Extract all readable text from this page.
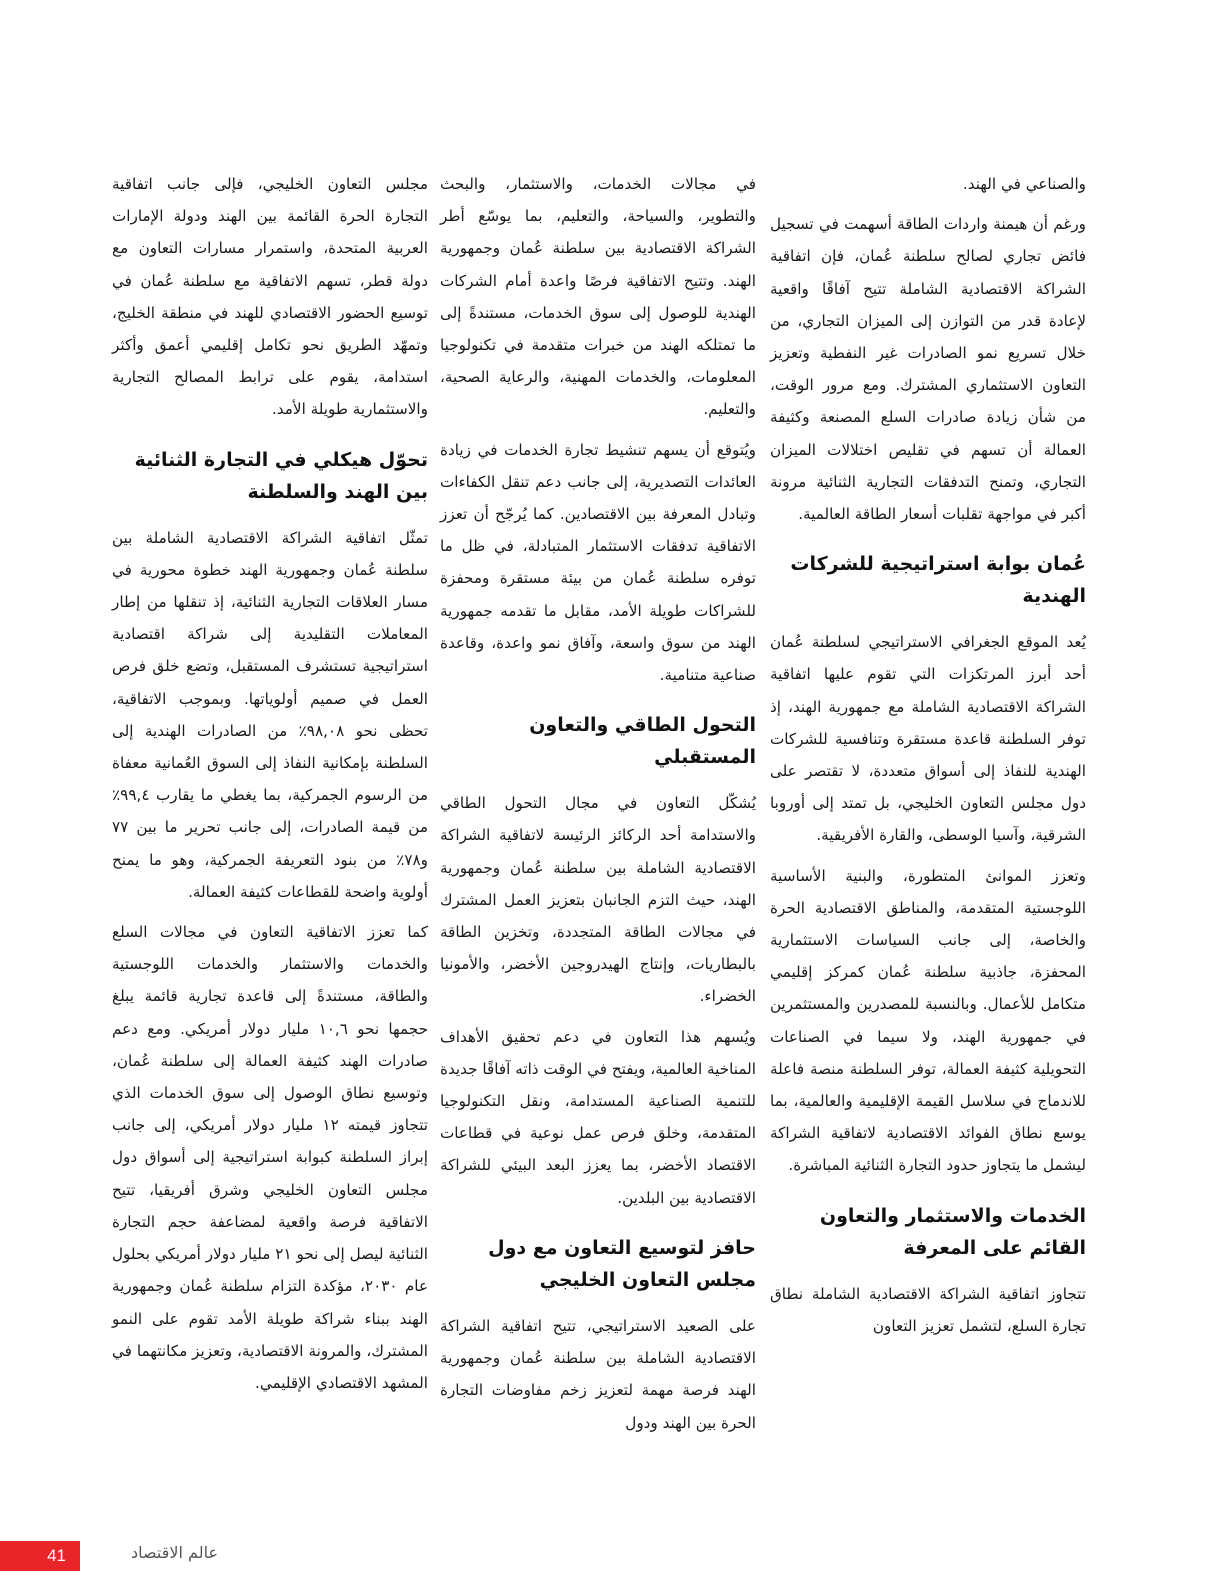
والصناعي في الهند.

ورغم أن هيمنة واردات الطاقة أسهمت في تسجيل فائض تجاري لصالح سلطنة عُمان، فإن اتفاقية الشراكة الاقتصادية الشاملة تتيح آفاقًا واقعية لإعادة قدر من التوازن إلى الميزان التجاري، من خلال تسريع نمو الصادرات غير النفطية وتعزيز التعاون الاستثماري المشترك. ومع مرور الوقت، من شأن زيادة صادرات السلع المصنعة وكثيفة العمالة أن تسهم في تقليص اختلالات الميزان التجاري، وتمنح التدفقات التجارية الثنائية مرونة أكبر في مواجهة تقلبات أسعار الطاقة العالمية.

عُمان بوابة استراتيجية للشركات الهندية

يُعد الموقع الجغرافي الاستراتيجي لسلطنة عُمان أحد أبرز المرتكزات التي تقوم عليها اتفاقية الشراكة الاقتصادية الشاملة مع جمهورية الهند، إذ توفر السلطنة قاعدة مستقرة وتنافسية للشركات الهندية للنفاذ إلى أسواق متعددة، لا تقتصر على دول مجلس التعاون الخليجي، بل تمتد إلى أوروبا الشرقية، وآسيا الوسطى، والقارة الأفريقية.

وتعزز الموانئ المتطورة، والبنية الأساسية اللوجستية المتقدمة، والمناطق الاقتصادية الحرة والخاصة، إلى جانب السياسات الاستثمارية المحفزة، جاذبية سلطنة عُمان كمركز إقليمي متكامل للأعمال. وبالنسبة للمصدرين والمستثمرين في جمهورية الهند، ولا سيما في الصناعات التحويلية كثيفة العمالة، توفر السلطنة منصة فاعلة للاندماج في سلاسل القيمة الإقليمية والعالمية، بما يوسع نطاق الفوائد الاقتصادية لاتفاقية الشراكة ليشمل ما يتجاوز حدود التجارة الثنائية المباشرة.

الخدمات والاستثمار والتعاون القائم على المعرفة

تتجاوز اتفاقية الشراكة الاقتصادية الشاملة نطاق تجارة السلع، لتشمل تعزيز التعاون

في مجالات الخدمات، والاستثمار، والبحث والتطوير، والسياحة، والتعليم، بما يوسّع أطر الشراكة الاقتصادية بين سلطنة عُمان وجمهورية الهند. وتتيح الاتفاقية فرصًا واعدة أمام الشركات الهندية للوصول إلى سوق الخدمات، مستندةً إلى ما تمتلكه الهند من خبرات متقدمة في تكنولوجيا المعلومات، والخدمات المهنية، والرعاية الصحية، والتعليم.

ويُتوقع أن يسهم تنشيط تجارة الخدمات في زيادة العائدات التصديرية، إلى جانب دعم تنقل الكفاءات وتبادل المعرفة بين الاقتصادين. كما يُرجّح أن تعزز الاتفاقية تدفقات الاستثمار المتبادلة، في ظل ما توفره سلطنة عُمان من بيئة مستقرة ومحفزة للشراكات طويلة الأمد، مقابل ما تقدمه جمهورية الهند من سوق واسعة، وآفاق نمو واعدة، وقاعدة صناعية متنامية.

التحول الطاقي والتعاون المستقبلي

يُشكّل التعاون في مجال التحول الطاقي والاستدامة أحد الركائز الرئيسة لاتفاقية الشراكة الاقتصادية الشاملة بين سلطنة عُمان وجمهورية الهند، حيث التزم الجانبان بتعزيز العمل المشترك في مجالات الطاقة المتجددة، وتخزين الطاقة بالبطاريات، وإنتاج الهيدروجين الأخضر، والأمونيا الخضراء.

ويُسهم هذا التعاون في دعم تحقيق الأهداف المناخية العالمية، ويفتح في الوقت ذاته آفاقًا جديدة للتنمية الصناعية المستدامة، ونقل التكنولوجيا المتقدمة، وخلق فرص عمل نوعية في قطاعات الاقتصاد الأخضر، بما يعزز البعد البيئي للشراكة الاقتصادية بين البلدين.

حافز لتوسيع التعاون مع دول مجلس التعاون الخليجي

على الصعيد الاستراتيجي، تتيح اتفاقية الشراكة الاقتصادية الشاملة بين سلطنة عُمان وجمهورية الهند فرصة مهمة لتعزيز زخم مفاوضات التجارة الحرة بين الهند ودول

مجلس التعاون الخليجي، فإلى جانب اتفاقية التجارة الحرة القائمة بين الهند ودولة الإمارات العربية المتحدة، واستمرار مسارات التعاون مع دولة قطر، تسهم الاتفاقية مع سلطنة عُمان في توسيع الحضور الاقتصادي للهند في منطقة الخليج، وتمهّد الطريق نحو تكامل إقليمي أعمق وأكثر استدامة، يقوم على ترابط المصالح التجارية والاستثمارية طويلة الأمد.

تحوّل هيكلي في التجارة الثنائية بين الهند والسلطنة

تمثّل اتفاقية الشراكة الاقتصادية الشاملة بين سلطنة عُمان وجمهورية الهند خطوة محورية في مسار العلاقات التجارية الثنائية، إذ تنقلها من إطار المعاملات التقليدية إلى شراكة اقتصادية استراتيجية تستشرف المستقبل، وتضع خلق فرص العمل في صميم أولوياتها. وبموجب الاتفاقية، تحظى نحو ٩٨,٠٨٪ من الصادرات الهندية إلى السلطنة بإمكانية النفاذ إلى السوق العُمانية معفاة من الرسوم الجمركية، بما يغطي ما يقارب ٩٩,٤٪ من قيمة الصادرات، إلى جانب تحرير ما بين ٧٧ و٧٨٪ من بنود التعريفة الجمركية، وهو ما يمنح أولوية واضحة للقطاعات كثيفة العمالة.

كما تعزز الاتفاقية التعاون في مجالات السلع والخدمات والاستثمار والخدمات اللوجستية والطاقة، مستندةً إلى قاعدة تجارية قائمة يبلغ حجمها نحو ١٠,٦ مليار دولار أمريكي. ومع دعم صادرات الهند كثيفة العمالة إلى سلطنة عُمان، وتوسيع نطاق الوصول إلى سوق الخدمات الذي تتجاوز قيمته ١٢ مليار دولار أمريكي، إلى جانب إبراز السلطنة كبوابة استراتيجية إلى أسواق دول مجلس التعاون الخليجي وشرق أفريقيا، تتيح الاتفاقية فرصة واقعية لمضاعفة حجم التجارة الثنائية ليصل إلى نحو ٢١ مليار دولار أمريكي بحلول عام ٢٠٣٠، مؤكدة التزام سلطنة عُمان وجمهورية الهند ببناء شراكة طويلة الأمد تقوم على النمو المشترك، والمرونة الاقتصادية، وتعزيز مكانتهما في المشهد الاقتصادي الإقليمي.

41	عالم الاقتصاد
